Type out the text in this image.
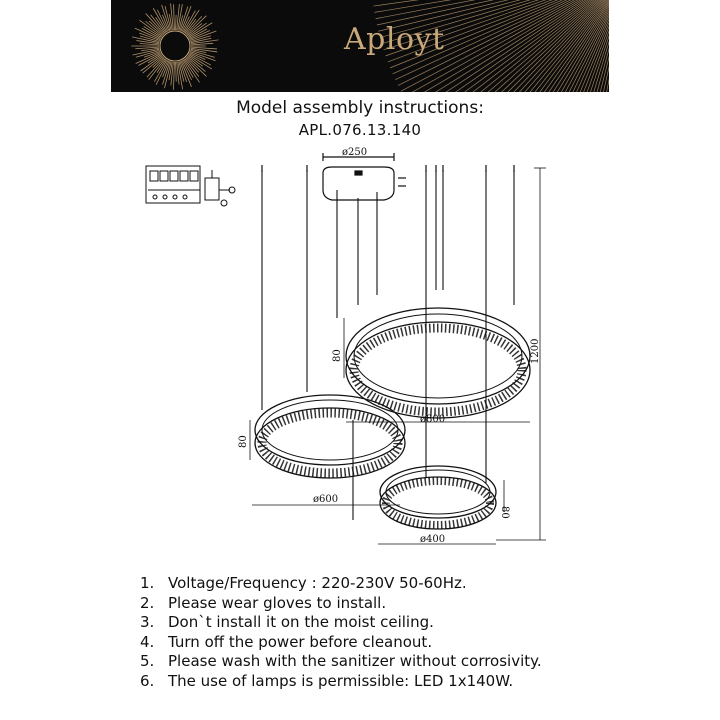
Aployt
Model assembly instructions:
APL.076.13.140
ø250
ø800
ø600
ø400
80
80
80
1200
1. Voltage/Frequency : 220-230V 50-60Hz.
2. Please wear gloves to install.
3. Don`t install it on the moist ceiling.
4. Turn off the power before cleanout.
5. Please wash with the sanitizer without corrosivity.
6. The use of lamps is permissible: LED 1x140W.
